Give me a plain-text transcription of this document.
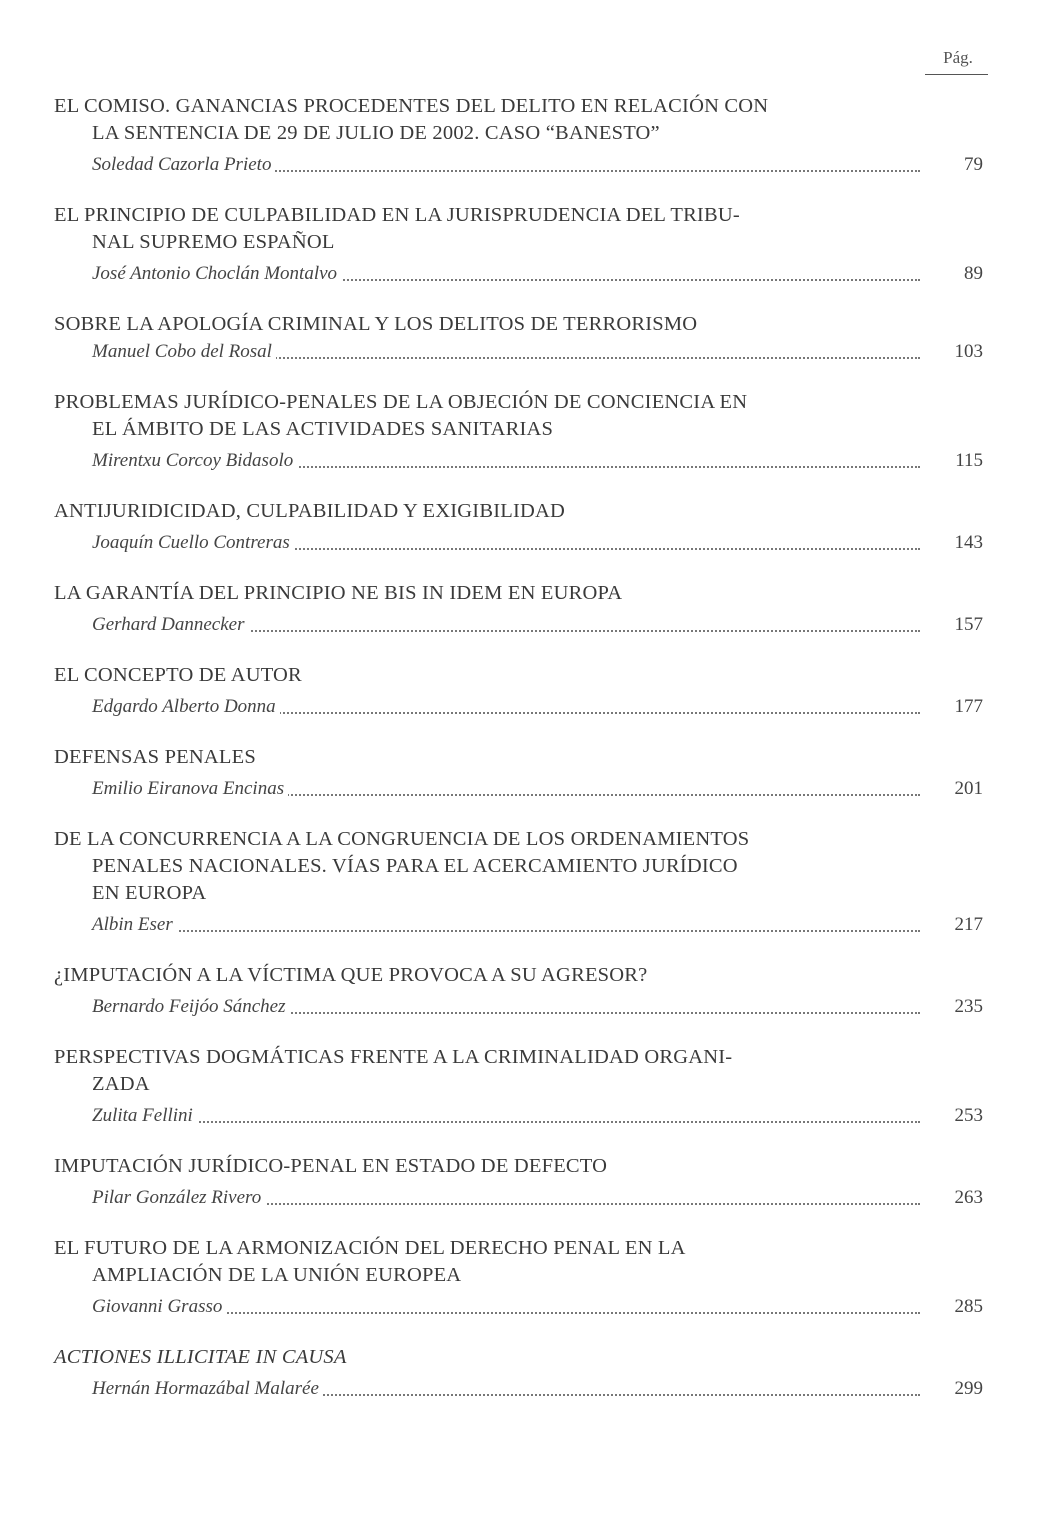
Pág.
EL COMISO. GANANCIAS PROCEDENTES DEL DELITO EN RELACIÓN CON
LA SENTENCIA DE 29 DE JULIO DE 2002. CASO “BANESTO”
Soledad Cazorla Prieto	79
EL PRINCIPIO DE CULPABILIDAD EN LA JURISPRUDENCIA DEL TRIBU-
NAL SUPREMO ESPAÑOL
José Antonio Choclán Montalvo	89
SOBRE LA APOLOGÍA CRIMINAL Y LOS DELITOS DE TERRORISMO
Manuel Cobo del Rosal	103
PROBLEMAS JURÍDICO-PENALES DE LA OBJECIÓN DE CONCIENCIA EN
EL ÁMBITO DE LAS ACTIVIDADES SANITARIAS
Mirentxu Corcoy Bidasolo	115
ANTIJURIDICIDAD, CULPABILIDAD Y EXIGIBILIDAD
Joaquín Cuello Contreras	143
LA GARANTÍA DEL PRINCIPIO NE BIS IN IDEM EN EUROPA
Gerhard Dannecker	157
EL CONCEPTO DE AUTOR
Edgardo Alberto Donna	177
DEFENSAS PENALES
Emilio Eiranova Encinas	201
DE LA CONCURRENCIA A LA CONGRUENCIA DE LOS ORDENAMIENTOS
PENALES NACIONALES. VÍAS PARA EL ACERCAMIENTO JURÍDICO
EN EUROPA
Albin Eser	217
¿IMPUTACIÓN A LA VÍCTIMA QUE PROVOCA A SU AGRESOR?
Bernardo Feijóo Sánchez	235
PERSPECTIVAS DOGMÁTICAS FRENTE A LA CRIMINALIDAD ORGANI-
ZADA
Zulita Fellini	253
IMPUTACIÓN JURÍDICO-PENAL EN ESTADO DE DEFECTO
Pilar González Rivero	263
EL FUTURO DE LA ARMONIZACIÓN DEL DERECHO PENAL EN LA
AMPLIACIÓN DE LA UNIÓN EUROPEA
Giovanni Grasso	285
ACTIONES ILLICITAE IN CAUSA
Hernán Hormazábal Malarée	299
